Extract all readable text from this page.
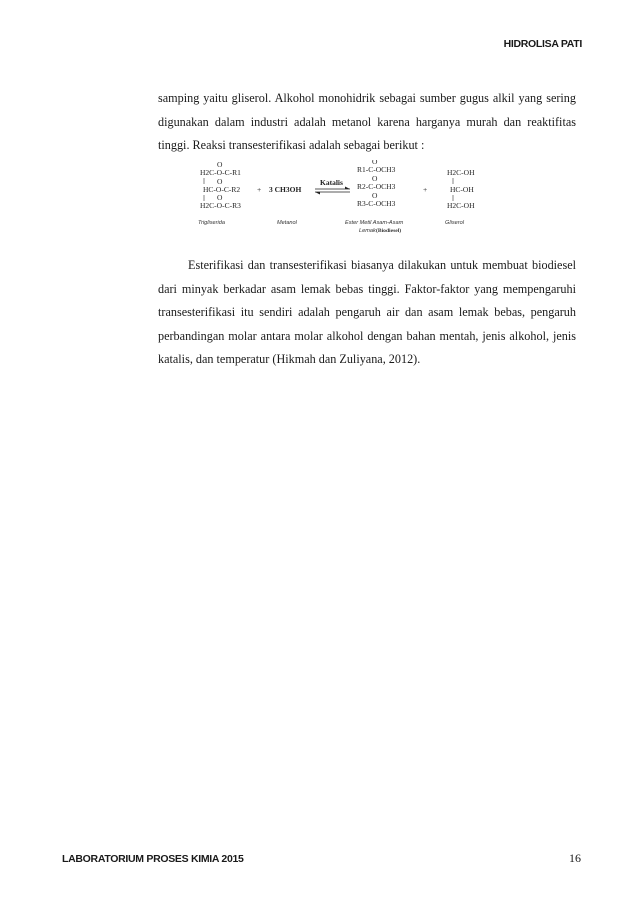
HIDROLISA PATI
samping yaitu gliserol. Alkohol monohidrik sebagai sumber gugus alkil yang sering digunakan dalam industri adalah metanol karena harganya murah dan reaktifitas tinggi. Reaksi transesterifikasi adalah sebagai berikut :
O
H2C-O-C-R1
O
HC-O-C-R2
O
H2C-O-C-R3
+ 3 CH3OH
Katalis
O
R1-C-OCH3
O
R2-C-OCH3
O
R3-C-OCH3
+
H2C-OH
HC-OH
H2C-OH
Trigliserida	Metanol	Ester Metil Asam-Asam
Lemak (Biodiesel)
Gliserol
Esterifikasi dan transesterifikasi biasanya dilakukan untuk membuat biodiesel dari minyak berkadar asam lemak bebas tinggi. Faktor-faktor yang mempengaruhi transesterifikasi itu sendiri adalah pengaruh air dan asam lemak bebas, pengaruh perbandingan molar antara molar alkohol dengan bahan mentah, jenis alkohol, jenis katalis, dan temperatur (Hikmah dan Zuliyana, 2012).
LABORATORIUM PROSES KIMIA 2015	16
